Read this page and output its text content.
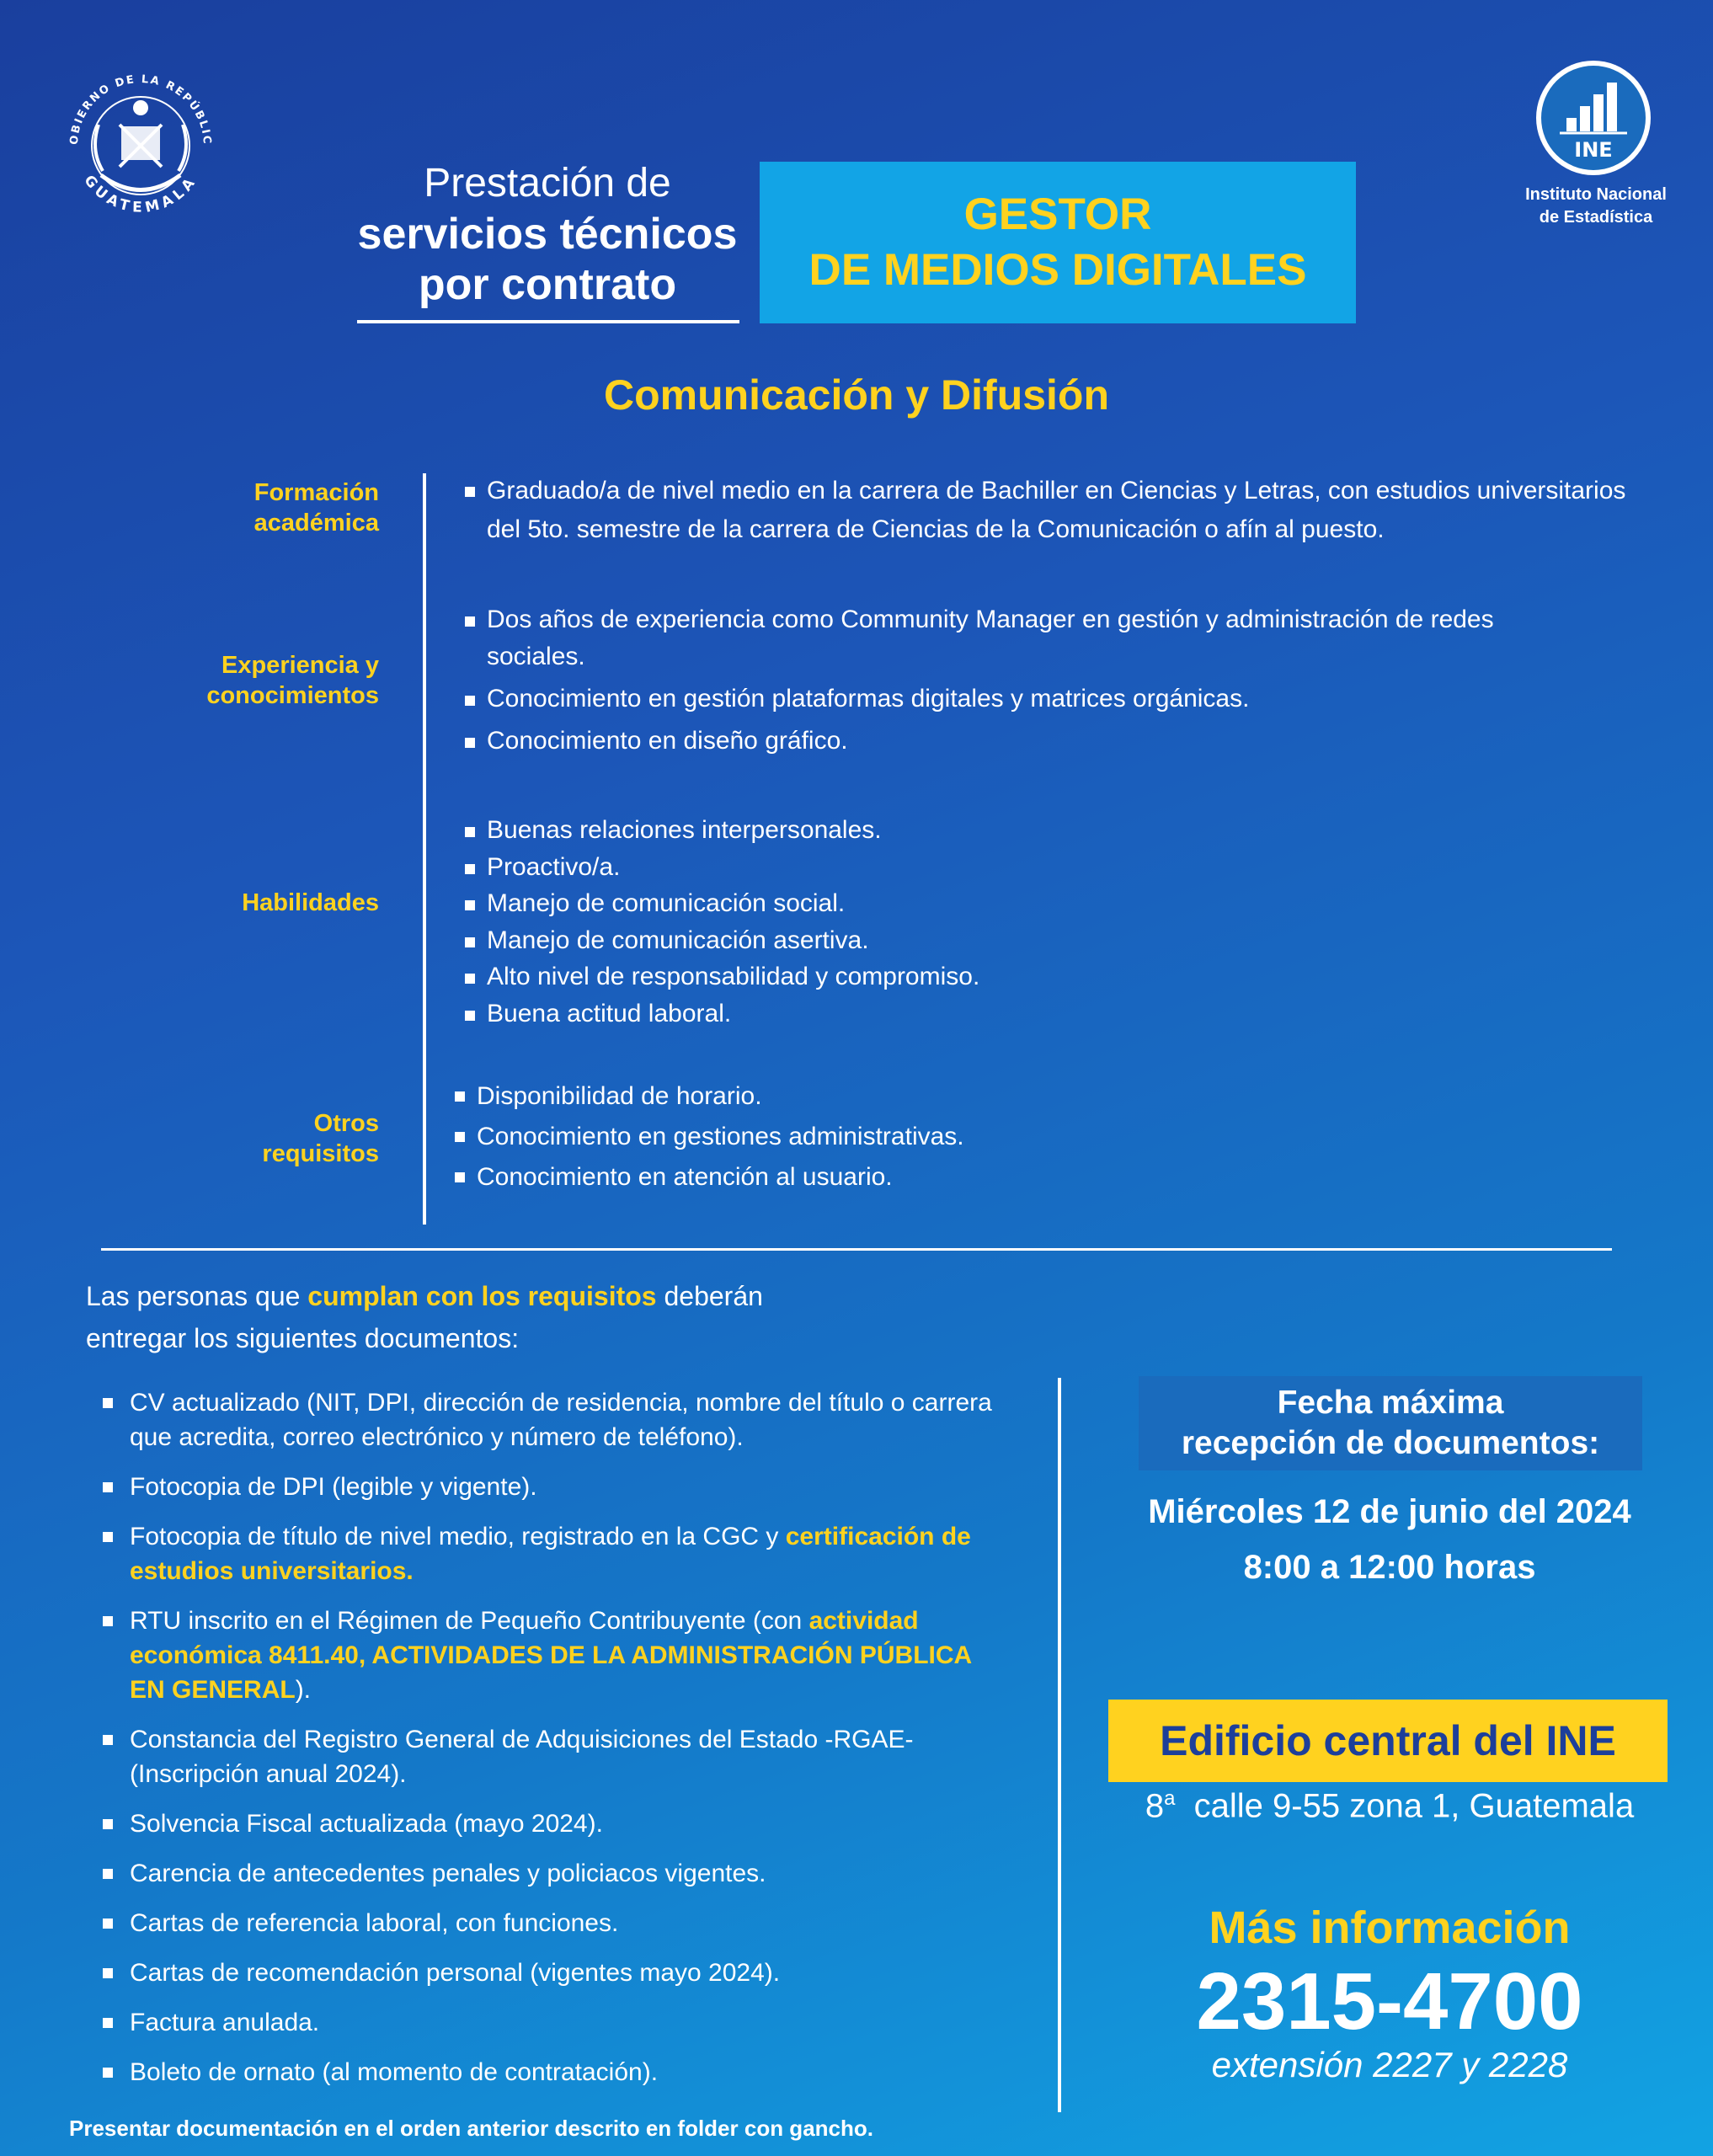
OBIERNO DE LA REPÚBLIC
GUATEMALA
INE
Instituto Nacional
de Estadística
Prestación de
servicios técnicos
por contrato
GESTOR
DE MEDIOS DIGITALES
Comunicación y Difusión
Formación
académica
Graduado/a de nivel medio en la carrera de Bachiller en Ciencias y Letras, con estudios universitarios del 5to. semestre de la carrera de Ciencias de la Comunicación o afín al puesto.
Experiencia y
conocimientos
Dos años de experiencia como Community Manager en gestión y administración de redes sociales.
Conocimiento en gestión plataformas digitales y matrices orgánicas.
Conocimiento en diseño gráfico.
Habilidades
Buenas relaciones interpersonales.
Proactivo/a.
Manejo de comunicación social.
Manejo de comunicación asertiva.
Alto nivel de responsabilidad y compromiso.
Buena actitud laboral.
Otros
requisitos
Disponibilidad de horario.
Conocimiento en gestiones administrativas.
Conocimiento en atención al usuario.
Las personas que cumplan con los requisitos deberán
entregar los siguientes documentos:
CV actualizado (NIT, DPI, dirección de residencia, nombre del título o carrera que acredita, correo electrónico y número de teléfono).
Fotocopia de DPI (legible y vigente).
Fotocopia de título de nivel medio, registrado en la CGC y certificación de estudios universitarios.
RTU inscrito en el Régimen de Pequeño Contribuyente (con actividad económica 8411.40, ACTIVIDADES DE LA ADMINISTRACIÓN PÚBLICA EN GENERAL).
Constancia del Registro General de Adquisiciones del Estado -RGAE- (Inscripción anual 2024).
Solvencia Fiscal actualizada (mayo 2024).
Carencia de antecedentes penales y policiacos vigentes.
Cartas de referencia laboral, con funciones.
Cartas de recomendación personal (vigentes mayo 2024).
Factura anulada.
Boleto de ornato (al momento de contratación).
Fecha máxima
recepción de documentos:
Miércoles 12 de junio del 2024
8:00 a 12:00 horas
Edificio central del INE
8$^a$  calle 9-55 zona 1, Guatemala
Más información
2315-4700
extensión 2227 y 2228
Presentar documentación en el orden anterior descrito en folder con gancho.
